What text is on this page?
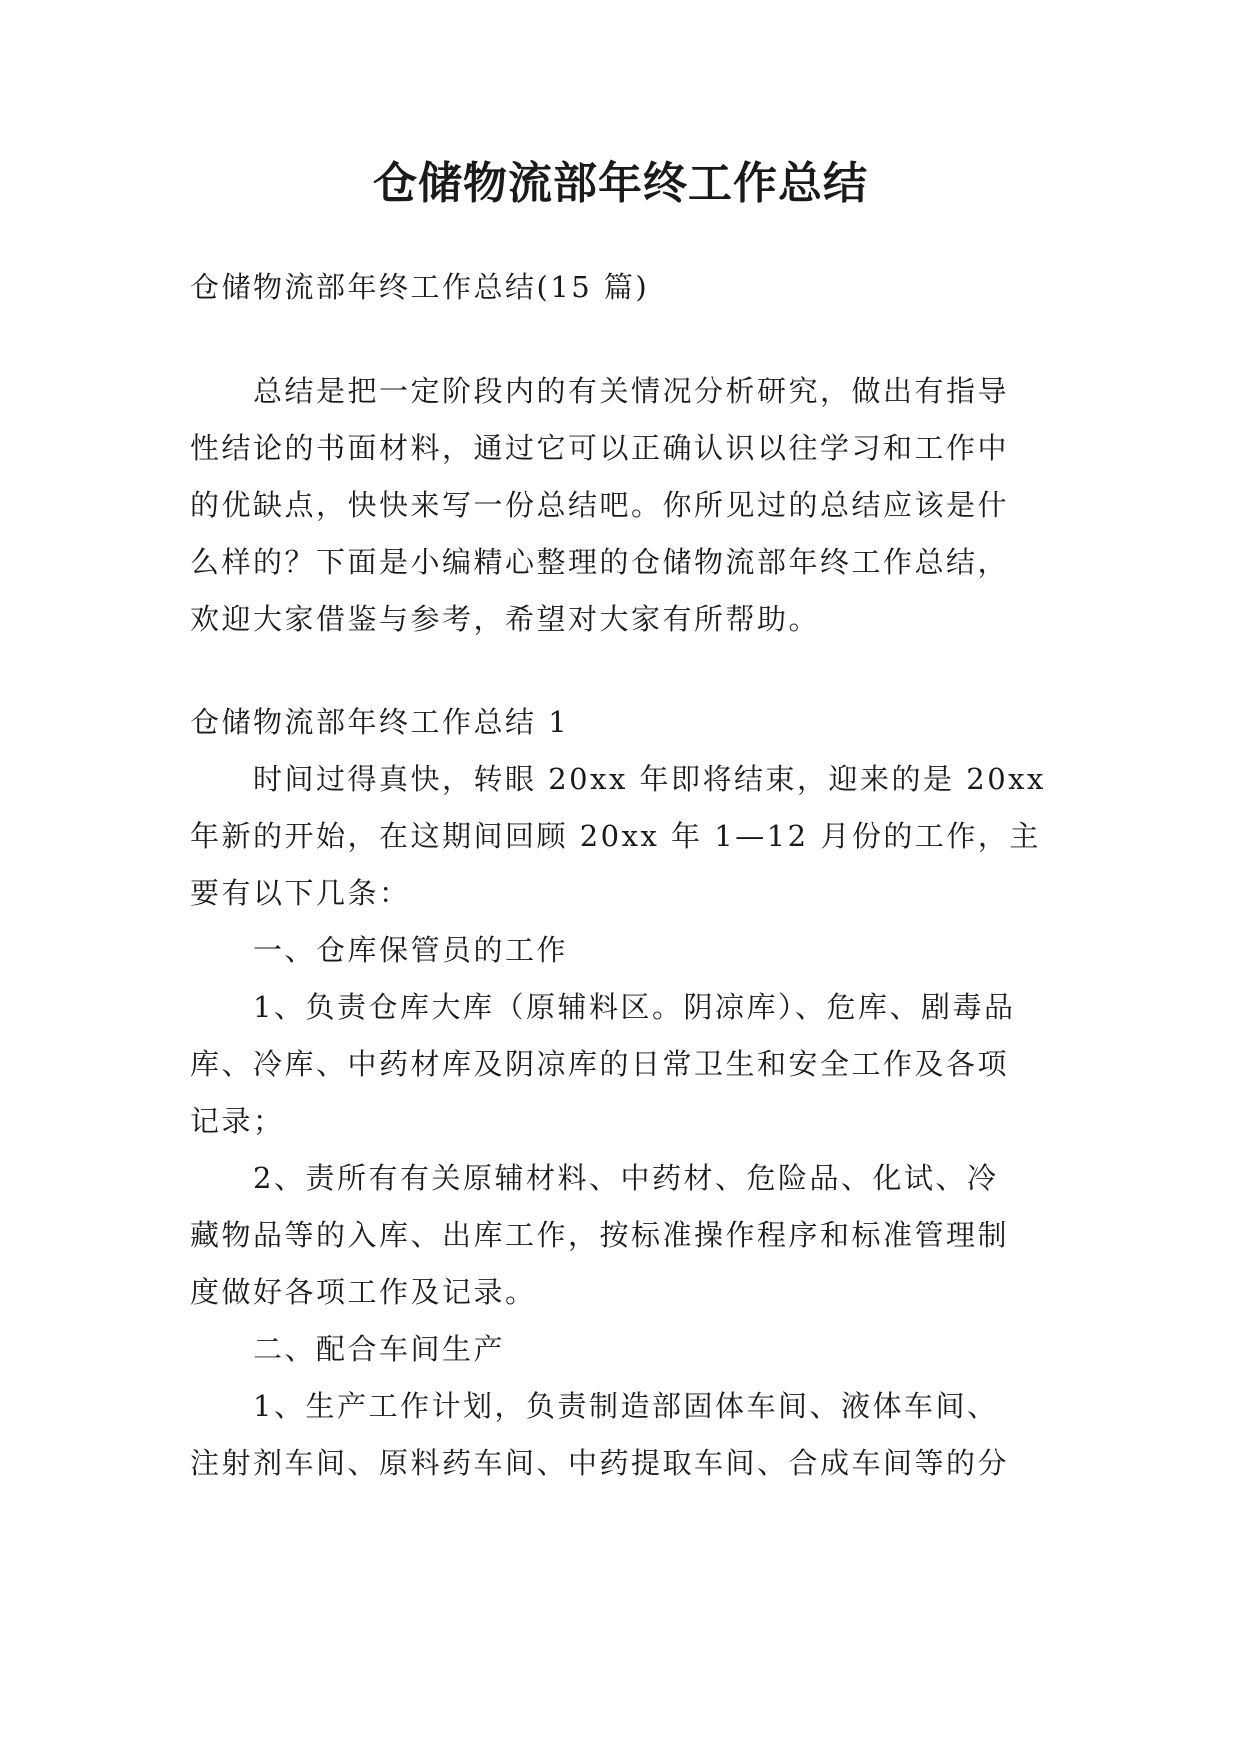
仓储物流部年终工作总结
仓储物流部年终工作总结(15 篇)
　　总结是把一定阶段内的有关情况分析研究，做出有指导
性结论的书面材料，通过它可以正确认识以往学习和工作中
的优缺点，快快来写一份总结吧。你所见过的总结应该是什
么样的？下面是小编精心整理的仓储物流部年终工作总结，
欢迎大家借鉴与参考，希望对大家有所帮助。
仓储物流部年终工作总结 1
　　时间过得真快，转眼 20xx 年即将结束，迎来的是 20xx
年新的开始，在这期间回顾 20xx 年 1—12 月份的工作，主
要有以下几条：
　　一、仓库保管员的工作
　　1、负责仓库大库（原辅料区。阴凉库）、危库、剧毒品
库、冷库、中药材库及阴凉库的日常卫生和安全工作及各项
记录；
　　2、责所有有关原辅材料、中药材、危险品、化试、冷
藏物品等的入库、出库工作，按标准操作程序和标准管理制
度做好各项工作及记录。
　　二、配合车间生产
　　1、生产工作计划，负责制造部固体车间、液体车间、
注射剂车间、原料药车间、中药提取车间、合成车间等的分
